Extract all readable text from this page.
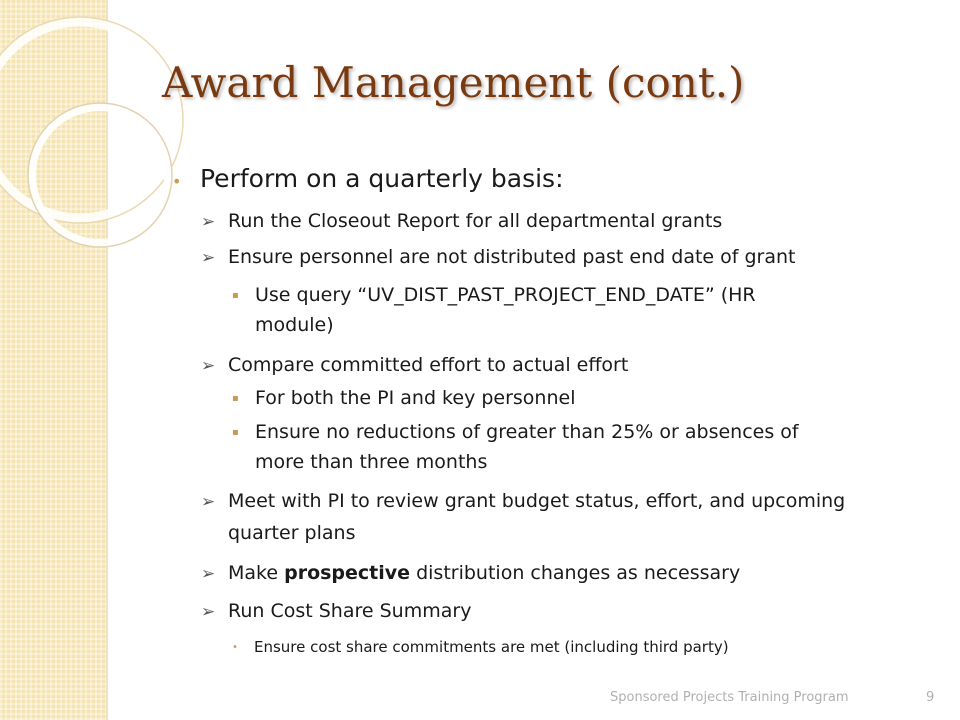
Award Management (cont.)
• Perform on a quarterly basis:
➢ Run the Closeout Report for all departmental grants
➢ Ensure personnel are not distributed past end date of grant
▪ Use query “UV_DIST_PAST_PROJECT_END_DATE” (HR
module)
➢ Compare committed effort to actual effort
▪ For both the PI and key personnel
▪ Ensure no reductions of greater than 25% or absences of
more than three months
➢ Meet with PI to review grant budget status, effort, and upcoming
quarter plans
➢ Make prospective distribution changes as necessary
➢ Run Cost Share Summary
• Ensure cost share commitments are met (including third party)
Sponsored Projects Training Program	9
